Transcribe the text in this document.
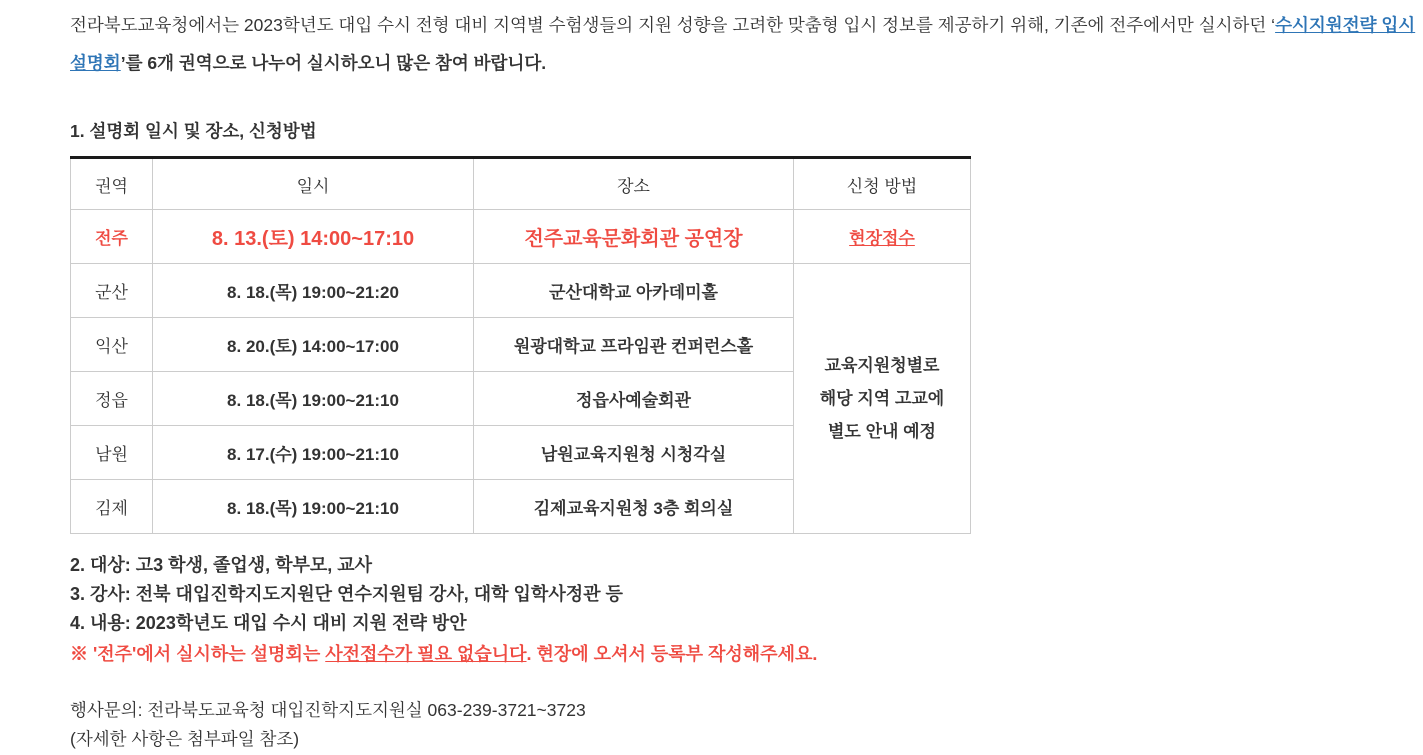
전라북도교육청에서는 2023학년도 대입 수시 전형 대비 지역별 수험생들의 지원 성향을 고려한 맞춤형 입시 정보를 제공하기 위해, 기존에 전주에서만 실시하던 ‘수시지원전략 입시설명회’를 6개 권역으로 나누어 실시하오니 많은 참여 바랍니다.

1. 설명회 일시 및 장소, 신청방법
권역	일시	장소	신청 방법
전주	8. 13.(토) 14:00~17:10	전주교육문화회관 공연장	현장접수
군산	8. 18.(목) 19:00~21:20	군산대학교 아카데미홀	교육지원청별로
해당 지역 고교에
별도 안내 예정

익산	8. 20.(토) 14:00~17:00	원광대학교 프라임관 컨퍼런스홀	
정읍	8. 18.(목) 19:00~21:10	정읍사예술회관	
남원	8. 17.(수) 19:00~21:10	남원교육지원청 시청각실	
김제	8. 18.(목) 19:00~21:10	김제교육지원청 3층 회의실	

2. 대상: 고3 학생, 졸업생, 학부모, 교사

3. 강사: 전북 대입진학지도지원단 연수지원팀 강사, 대학 입학사정관 등

4. 내용: 2023학년도 대입 수시 대비 지원 전략 방안

※ '전주'에서 실시하는 설명회는 사전접수가 필요 없습니다. 현장에 오셔서 등록부 작성해주세요.

행사문의: 전라북도교육청 대입진학지도지원실 063-239-3721~3723

(자세한 사항은 첨부파일 참조)
